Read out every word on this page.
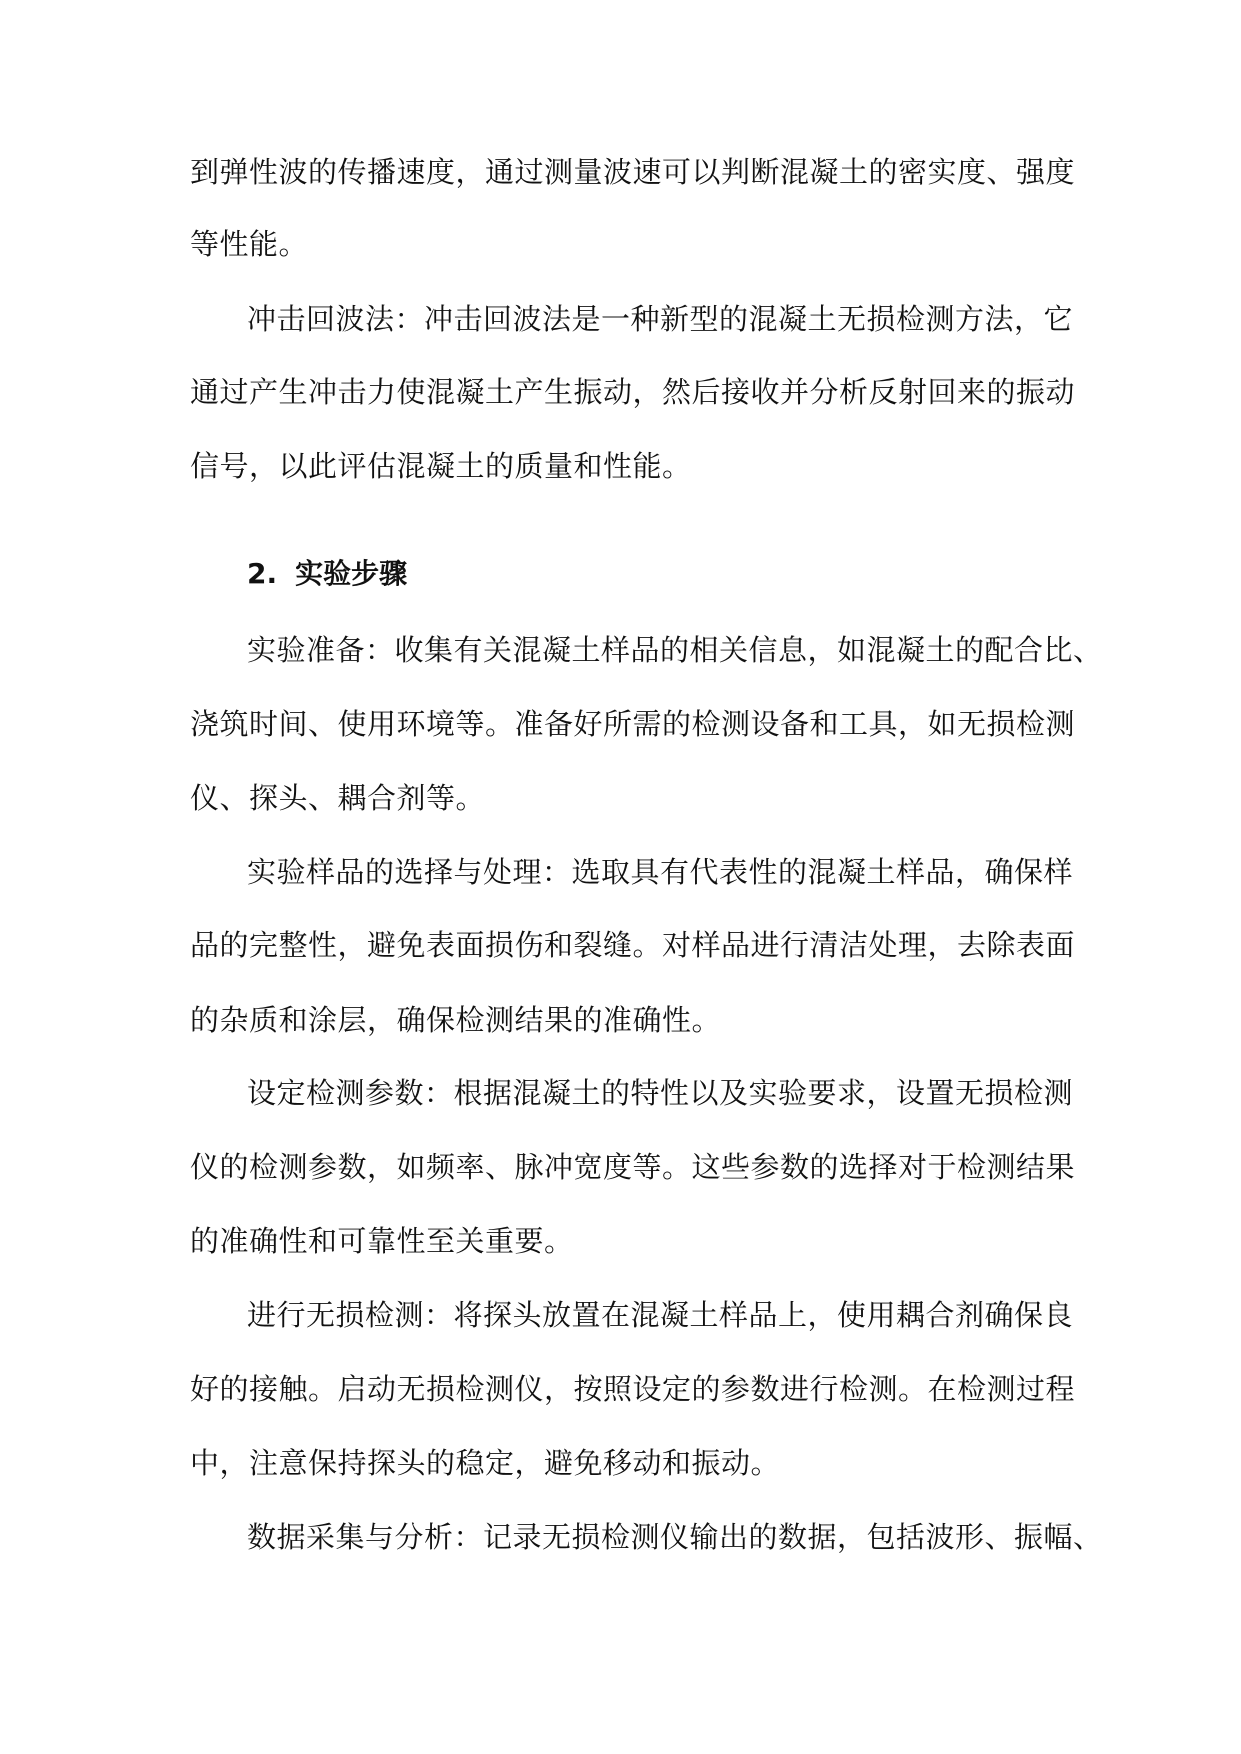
到弹性波的传播速度，通过测量波速可以判断混凝土的密实度、强度
等性能。
冲击回波法：冲击回波法是一种新型的混凝土无损检测方法，它
通过产生冲击力使混凝土产生振动，然后接收并分析反射回来的振动
信号，以此评估混凝土的质量和性能。
2. 实验步骤
实验准备：收集有关混凝土样品的相关信息，如混凝土的配合比、
浇筑时间、使用环境等。准备好所需的检测设备和工具，如无损检测
仪、探头、耦合剂等。
实验样品的选择与处理：选取具有代表性的混凝土样品，确保样
品的完整性，避免表面损伤和裂缝。对样品进行清洁处理，去除表面
的杂质和涂层，确保检测结果的准确性。
设定检测参数：根据混凝土的特性以及实验要求，设置无损检测
仪的检测参数，如频率、脉冲宽度等。这些参数的选择对于检测结果
的准确性和可靠性至关重要。
进行无损检测：将探头放置在混凝土样品上，使用耦合剂确保良
好的接触。启动无损检测仪，按照设定的参数进行检测。在检测过程
中，注意保持探头的稳定，避免移动和振动。
数据采集与分析：记录无损检测仪输出的数据，包括波形、振幅、
